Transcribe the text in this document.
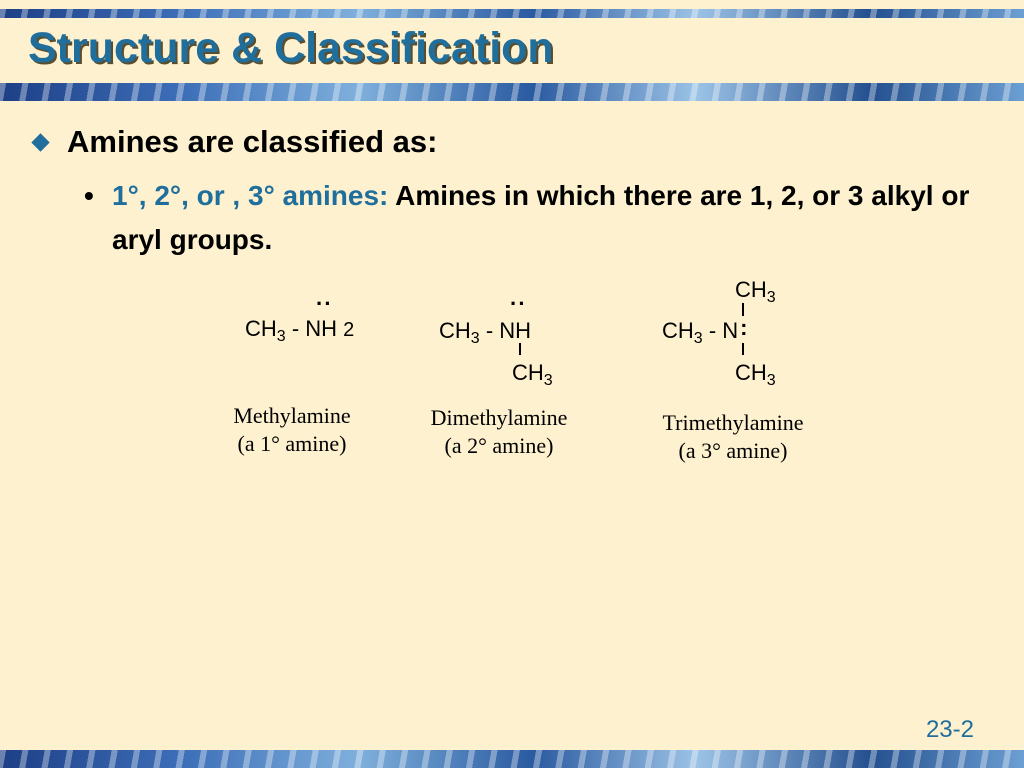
Structure & Classification
Amines are classified as:
• 1°, 2°, or , 3° amines: Amines in which there are 1, 2, or 3 alkyl or aryl groups.
··
$CH_3$ - NH 2
Methylamine
(a 1° amine)
··
$CH_3$ - NH
$CH_3$
Dimethylamine
(a 2° amine)
$CH_3$
$CH_3$ - N:
$CH_3$
Trimethylamine
(a 3° amine)
23-2
